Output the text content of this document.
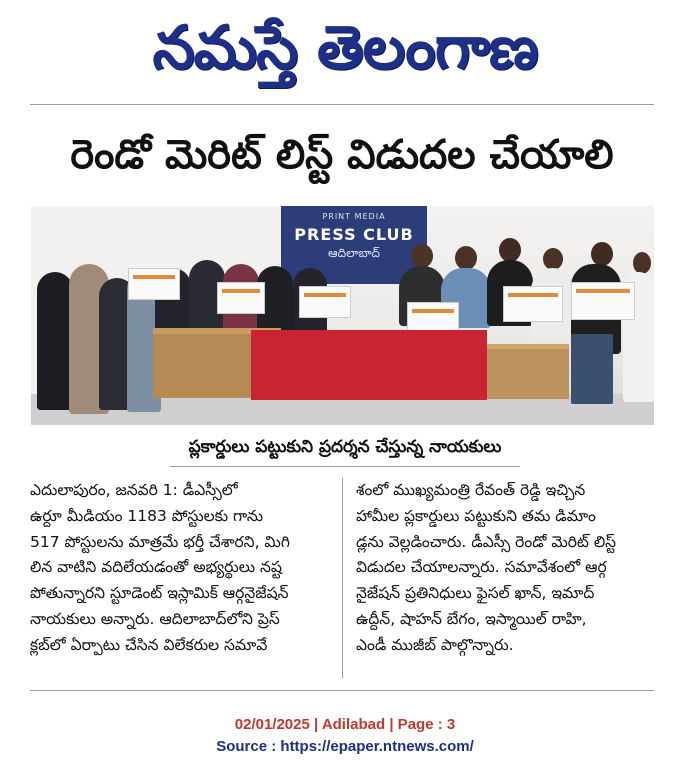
నమస్తే తెలంగాణ
రెండో మెరిట్ లిస్ట్ విడుదల చేయాలి
PRINT MEDIA
PRESS CLUB
ఆదిలాబాద్
ప్లకార్డులు పట్టుకుని ప్రదర్శన చేస్తున్న నాయకులు
ఎదులాపురం, జనవరి 1: డీఎస్సీలో
ఉర్దూ మీడియం 1183 పోస్టులకు గాను
517 పోస్టులను మాత్రమే భర్తీ చేశారని, మిగి
లిన వాటిని వదిలేయడంతో అభ్యర్థులు నష్ట
పోతున్నారని స్టూడెంట్ ఇస్లామిక్ ఆర్గనైజేషన్
నాయకులు అన్నారు. ఆదిలాబాద్‌లోని ప్రెస్
క్లబ్‌లో ఏర్పాటు చేసిన విలేకరుల సమావే
శంలో ముఖ్యమంత్రి రేవంత్ రెడ్డి ఇచ్చిన
హామీల ప్లకార్డులు పట్టుకుని తమ డిమాం
డ్లను వెల్లడించారు. డీఎస్సీ రెండో మెరిట్ లిస్ట్
విడుదల చేయాలన్నారు. సమావేశంలో ఆర్గ
నైజేషన్ ప్రతినిధులు ఫైసల్ ఖాన్, ఇమాద్
ఉద్దీన్, షాహన్ బేగం, ఇస్మాయిల్ రాహి,
ఎండీ ముజీబ్ పాల్గొన్నారు.
02/01/2025 | Adilabad | Page : 3
Source : https://epaper.ntnews.com/
